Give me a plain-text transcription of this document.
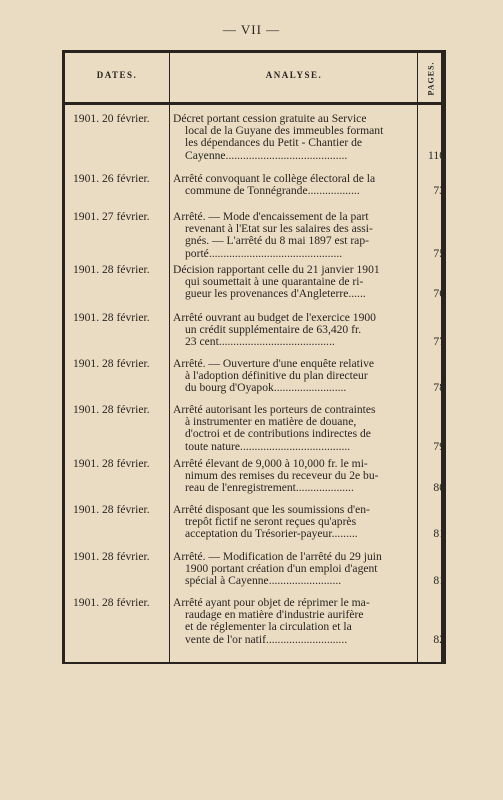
— VII —
DATES.	ANALYSE.	PAGES.
1901. 20 février.	Décret portant cession gratuite au Service
local de la Guyane des immeubles formant
les dépendances du Petit - Chantier de
Cayenne..........................................	110
1901. 26 février.	Arrêté convoquant le collège électoral de la
commune de Tonnégrande..................	73
1901. 27 février.	Arrêté. — Mode d'encaissement de la part
revenant à l'Etat sur les salaires des assi-
gnés. — L'arrêté du 8 mai 1897 est rap-
porté..............................................	75
1901. 28 février.	Décision rapportant celle du 21 janvier 1901
qui soumettait à une quarantaine de ri-
gueur les provenances d'Angleterre......	76
1901. 28 février.	Arrêté ouvrant au budget de l'exercice 1900
un crédit supplémentaire de 63,420 fr.
23 cent........................................	77
1901. 28 février.	Arrêté. — Ouverture d'une enquête relative
à l'adoption définitive du plan directeur
du bourg d'Oyapok.........................	78
1901. 28 février.	Arrêté autorisant les porteurs de contraintes
à instrumenter en matière de douane,
d'octroi et de contributions indirectes de
toute nature......................................	79
1901. 28 février.	Arrêté élevant de 9,000 à 10,000 fr. le mi-
nimum des remises du receveur du 2e bu-
reau de l'enregistrement....................	80
1901. 28 février.	Arrêté disposant que les soumissions d'en-
trepôt fictif ne seront reçues qu'après
acceptation du Trésorier-payeur.........	81
1901. 28 février.	Arrêté. — Modification de l'arrêté du 29 juin
1900 portant création d'un emploi d'agent
spécial à Cayenne.........................	81
1901. 28 février.	Arrêté ayant pour objet de réprimer le ma-
raudage en matière d'industrie aurifère
et de réglementer la circulation et la
vente de l'or natif............................	82
